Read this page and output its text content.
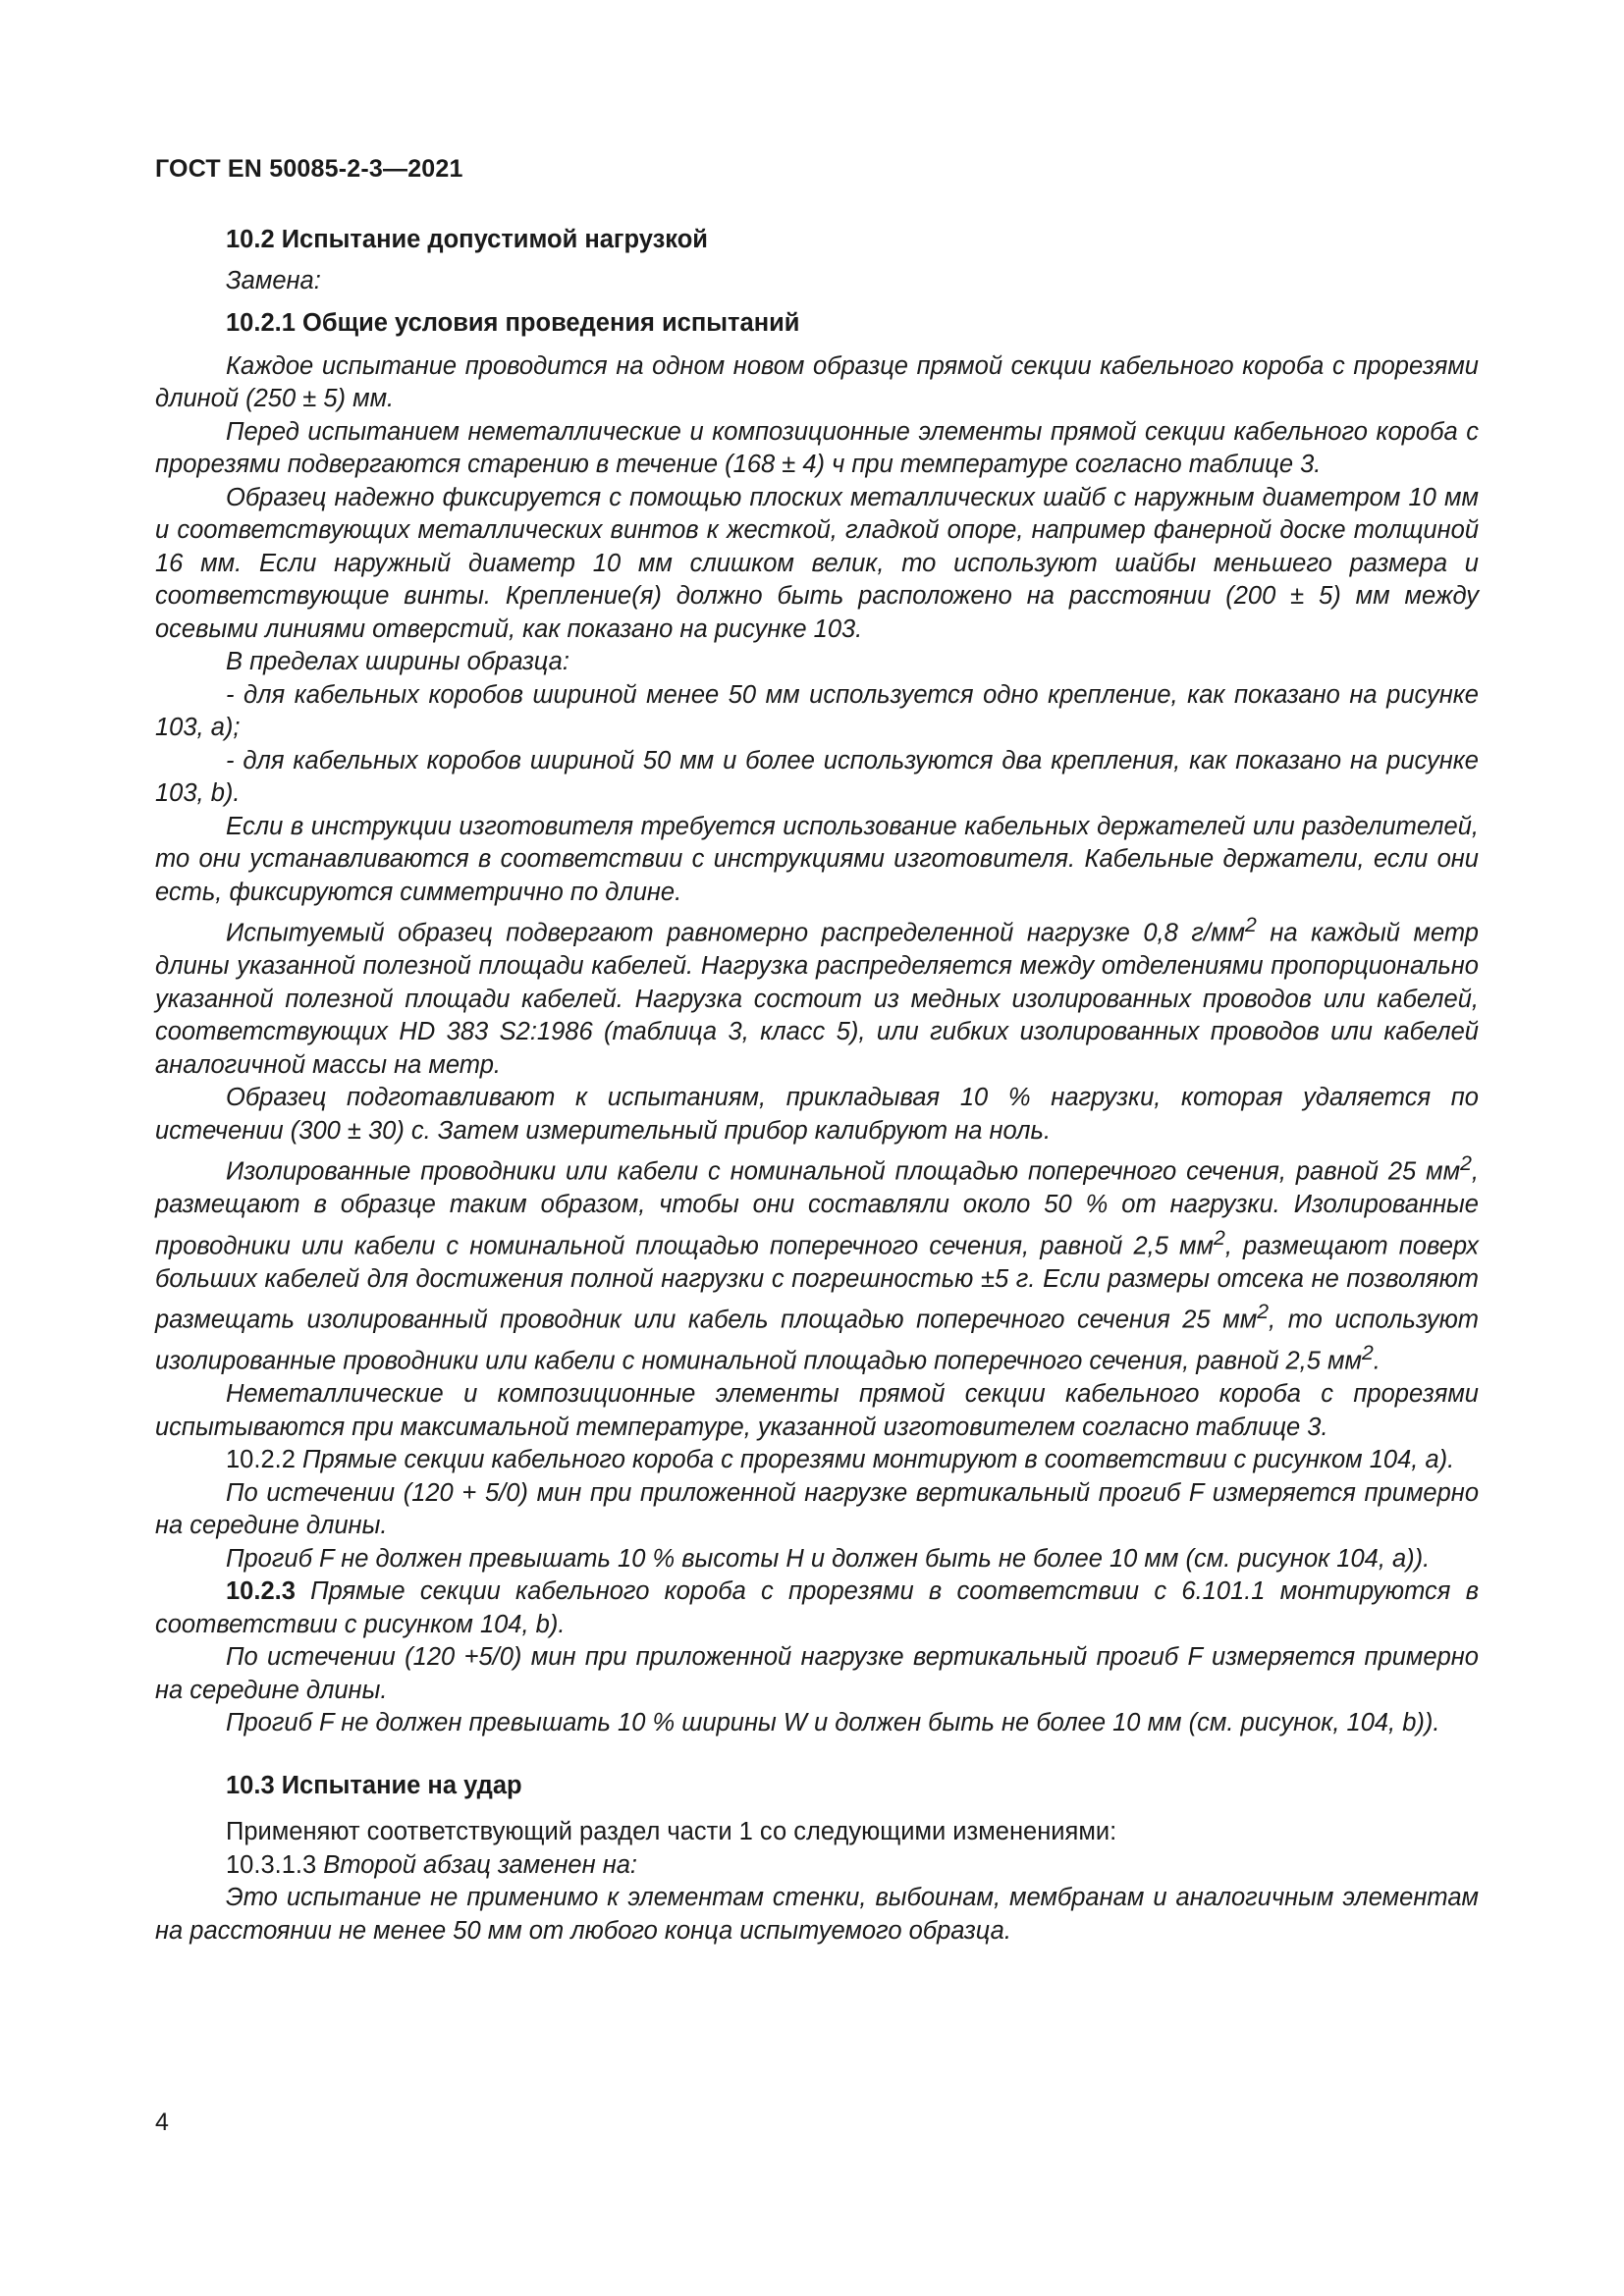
ГОСТ EN 50085-2-3—2021

10.2 Испытание допустимой нагрузкой

Замена:

10.2.1 Общие условия проведения испытаний

Каждое испытание проводится на одном новом образце прямой секции кабельного короба с прорезями длиной (250 ± 5) мм.

Перед испытанием неметаллические и композиционные элементы прямой секции кабельного короба с прорезями подвергаются старению в течение (168 ± 4) ч при температуре согласно таблице 3.

Образец надежно фиксируется с помощью плоских металлических шайб с наружным диаметром 10 мм и соответствующих металлических винтов к жесткой, гладкой опоре, например фанерной доске толщиной 16 мм. Если наружный диаметр 10 мм слишком велик, то используют шайбы меньшего размера и соответствующие винты. Крепление(я) должно быть расположено на расстоянии (200 ± 5) мм между осевыми линиями отверстий, как показано на рисунке 103.

В пределах ширины образца:

- для кабельных коробов шириной менее 50 мм используется одно крепление, как показано на рисунке 103, а);

- для кабельных коробов шириной 50 мм и более используются два крепления, как показано на рисунке 103, b).

Если в инструкции изготовителя требуется использование кабельных держателей или разделителей, то они устанавливаются в соответствии с инструкциями изготовителя. Кабельные держатели, если они есть, фиксируются симметрично по длине.

Испытуемый образец подвергают равномерно распределенной нагрузке 0,8 $г/мм^2$ на каждый метр длины указанной полезной площади кабелей. Нагрузка распределяется между отделениями пропорционально указанной полезной площади кабелей. Нагрузка состоит из медных изолированных проводов или кабелей, соответствующих HD 383 S2:1986 (таблица 3, класс 5), или гибких изолированных проводов или кабелей аналогичной массы на метр.

Образец подготавливают к испытаниям, прикладывая 10 % нагрузки, которая удаляется по истечении (300 ± 30) с. Затем измерительный прибор калибруют на ноль.

Изолированные проводники или кабели с номинальной площадью поперечного сечения, равной 25 $мм^2$, размещают в образце таким образом, чтобы они составляли около 50 % от нагрузки. Изолированные проводники или кабели с номинальной площадью поперечного сечения, равной 2,5 $мм^2$, размещают поверх больших кабелей для достижения полной нагрузки с погрешностью ±5 г. Если размеры отсека не позволяют размещать изолированный проводник или кабель площадью поперечного сечения 25 $мм^2$, то используют изолированные проводники или кабели с номинальной площадью поперечного сечения, равной 2,5 $мм^2$.

Неметаллические и композиционные элементы прямой секции кабельного короба с прорезями испытываются при максимальной температуре, указанной изготовителем согласно таблице 3.

10.2.2 Прямые секции кабельного короба с прорезями монтируют в соответствии с рисунком 104, а).

По истечении (120 + 5/0) мин при приложенной нагрузке вертикальный прогиб F измеряется примерно на середине длины.

Прогиб F не должен превышать 10 % высоты H и должен быть не более 10 мм (см. рисунок 104, а)).

10.2.3 Прямые секции кабельного короба с прорезями в соответствии с 6.101.1 монтируются в соответствии с рисунком 104, b).

По истечении (120 +5/0) мин при приложенной нагрузке вертикальный прогиб F измеряется примерно на середине длины.

Прогиб F не должен превышать 10 % ширины W и должен быть не более 10 мм (см. рисунок, 104, b)).

10.3 Испытание на удар

Применяют соответствующий раздел части 1 со следующими изменениями:

10.3.1.3 Второй абзац заменен на:

Это испытание не применимо к элементам стенки, выбоинам, мембранам и аналогичным элементам на расстоянии не менее 50 мм от любого конца испытуемого образца.

4
